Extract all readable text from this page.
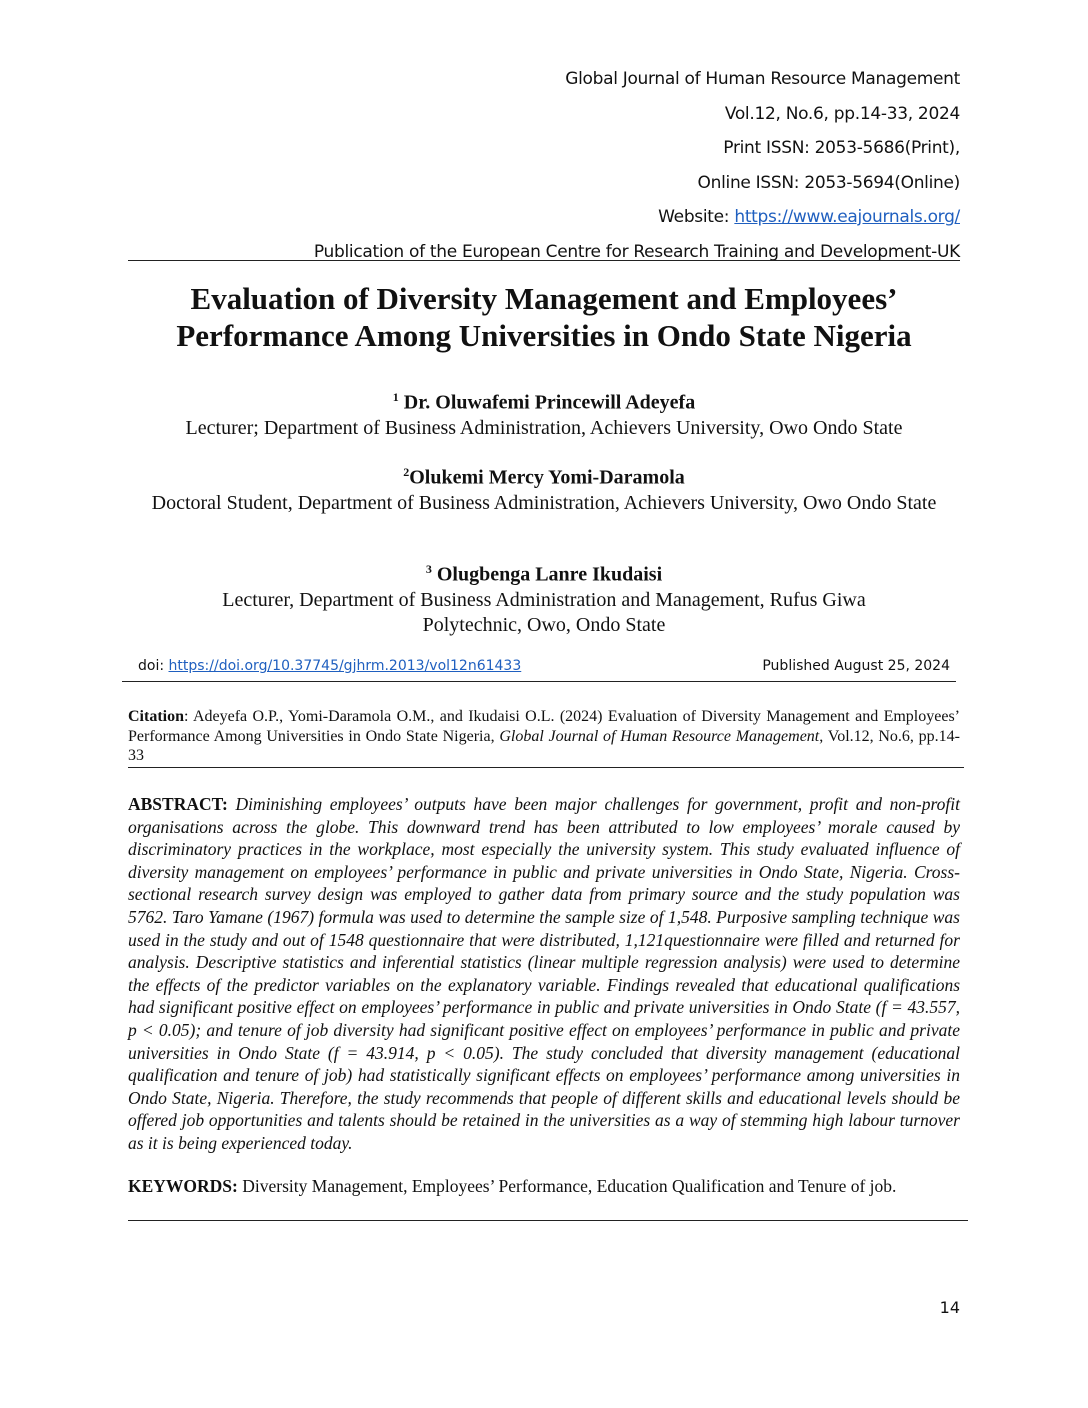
Global Journal of Human Resource Management
Vol.12, No.6, pp.14-33, 2024
Print ISSN: 2053-5686(Print),
Online ISSN: 2053-5694(Online)
Website: https://www.eajournals.org/
Publication of the European Centre for Research Training and Development-UK
Evaluation of Diversity Management and Employees’
Performance Among Universities in Ondo State Nigeria
$^1$ Dr. Oluwafemi Princewill Adeyefa
Lecturer; Department of Business Administration, Achievers University, Owo Ondo State
$^2$Olukemi Mercy Yomi-Daramola
Doctoral Student, Department of Business Administration, Achievers University, Owo Ondo State
$^3$ Olugbenga Lanre Ikudaisi
Lecturer, Department of Business Administration and Management, Rufus Giwa Polytechnic, Owo, Ondo State
doi: https://doi.org/10.37745/gjhrm.2013/vol12n61433	Published August 25, 2024
Citation: Adeyefa O.P., Yomi-Daramola O.M., and Ikudaisi O.L. (2024) Evaluation of Diversity Management and Employees’ Performance Among Universities in Ondo State Nigeria, Global Journal of Human Resource Management, Vol.12, No.6, pp.14-33
ABSTRACT: Diminishing employees’ outputs have been major challenges for government, profit and non-profit organisations across the globe. This downward trend has been attributed to low employees’ morale caused by discriminatory practices in the workplace, most especially the university system. This study evaluated influence of diversity management on employees’ performance in public and private universities in Ondo State, Nigeria. Cross-sectional research survey design was employed to gather data from primary source and the study population was 5762. Taro Yamane (1967) formula was used to determine the sample size of 1,548. Purposive sampling technique was used in the study and out of 1548 questionnaire that were distributed, 1,121questionnaire were filled and returned for analysis. Descriptive statistics and inferential statistics (linear multiple regression analysis) were used to determine the effects of the predictor variables on the explanatory variable. Findings revealed that educational qualifications had significant positive effect on employees’ performance in public and private universities in Ondo State (f = 43.557, p < 0.05); and tenure of job diversity had significant positive effect on employees’ performance in public and private universities in Ondo State (f = 43.914, p < 0.05). The study concluded that diversity management (educational qualification and tenure of job) had statistically significant effects on employees’ performance among universities in Ondo State, Nigeria. Therefore, the study recommends that people of different skills and educational levels should be offered job opportunities and talents should be retained in the universities as a way of stemming high labour turnover as it is being experienced today.
KEYWORDS: Diversity Management, Employees’ Performance, Education Qualification and Tenure of job.
14
